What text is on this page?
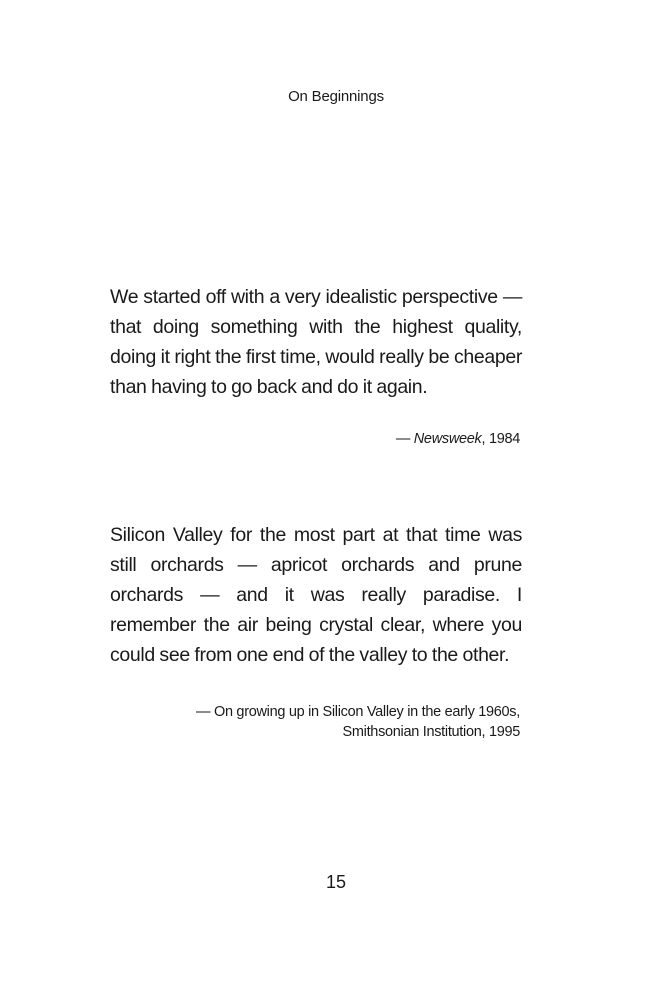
On Beginnings

We started off with a very idealistic perspective — that doing something with the highest quality, doing it right the first time, would really be cheaper than having to go back and do it again.

— Newsweek, 1984

Silicon Valley for the most part at that time was still orchards — apricot orchards and prune orchards — and it was really paradise. I remember the air being crystal clear, where you could see from one end of the valley to the other.

— On growing up in Silicon Valley in the early 1960s,
Smithsonian Institution, 1995

15
